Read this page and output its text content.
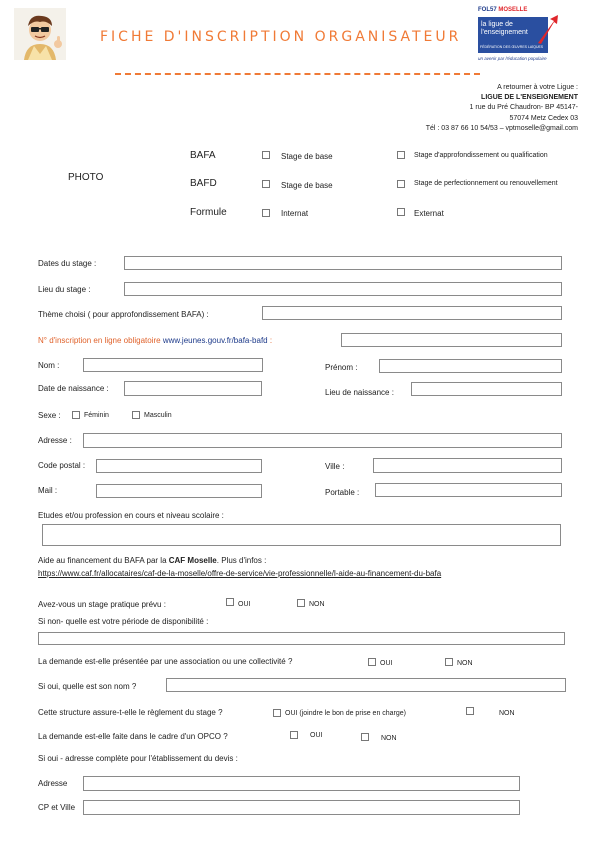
FICHE D'INSCRIPTION ORGANISATEUR
FOL57 MOSELLE
la ligue de l'enseignement
FÉDÉRATION DES ŒUVRES LAÏQUES
un avenir par l'éducation populaire
A retourner à votre Ligue :
LIGUE DE L'ENSEIGNEMENT
1 rue du Pré Chaudron- BP 45147-
57074 Metz Cedex 03
Tél : 03 87 66 10 54/53 – vptmoselle@gmail.com
PHOTO
BAFA	Stage de base	Stage d'approfondissement ou qualification
BAFD	Stage de base	Stage de perfectionnement ou renouvellement
Formule	Internat	Externat
Dates du stage :
Lieu du stage :
Thème choisi ( pour approfondissement BAFA) :
N° d'inscription en ligne obligatoire www.jeunes.gouv.fr/bafa-bafd :
Nom :	Prénom :
Date de naissance :	Lieu de naissance :
Sexe :	Féminin	Masculin
Adresse :
Code postal :	Ville :
Mail :	Portable :
Etudes et/ou profession en cours et niveau scolaire :
Aide au financement du BAFA par la CAF Moselle. Plus d'infos :
https://www.caf.fr/allocataires/caf-de-la-moselle/offre-de-service/vie-professionnelle/l-aide-au-financement-du-bafa
Avez-vous un stage pratique prévu :	OUI	NON
Si non- quelle est votre période de disponibilité :
La demande est-elle présentée par une association ou une collectivité ?	OUI	NON
Si oui, quelle est son nom ?
Cette structure assure-t-elle le règlement du stage ?	OUI (joindre le bon de prise en charge)	NON
La demande est-elle faite dans le cadre d'un OPCO ?	OUI	NON
Si oui - adresse complète pour l'établissement du devis :
Adresse
CP et Ville
